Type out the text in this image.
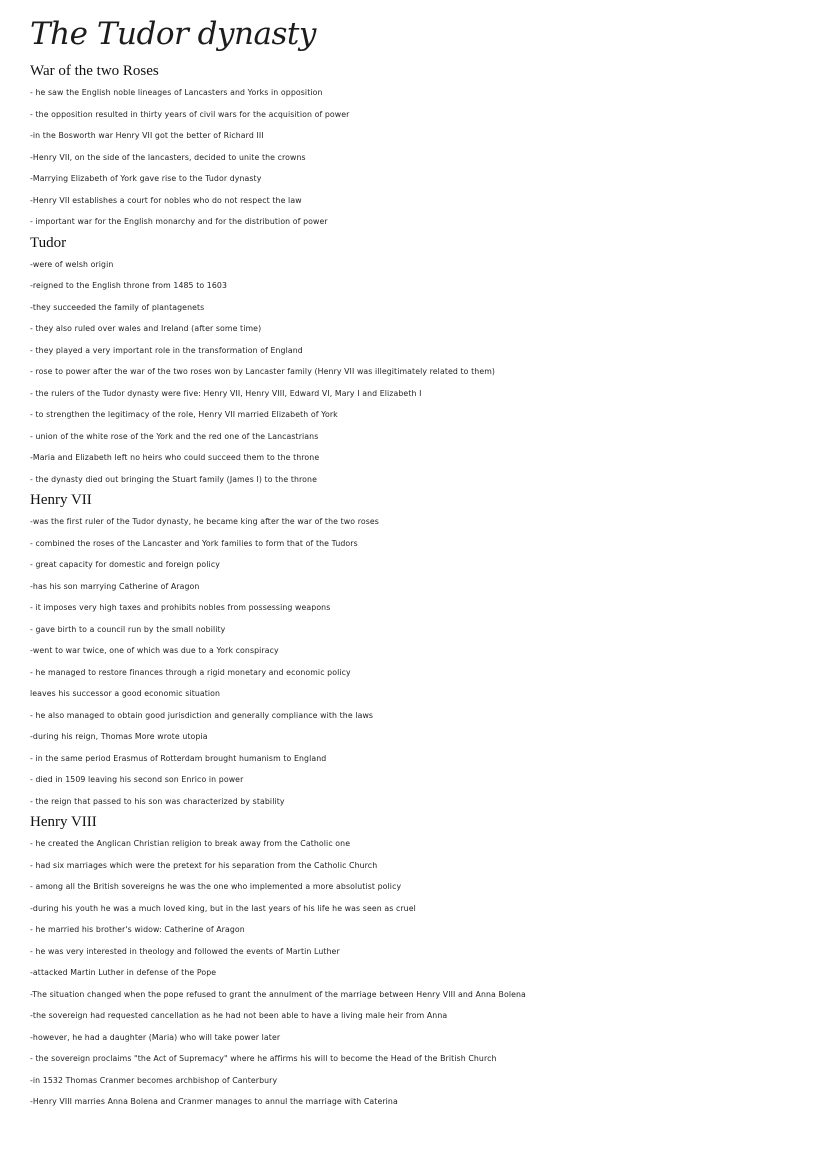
The Tudor dynasty
War of the two Roses
- he saw the English noble lineages of Lancasters and Yorks in opposition
- the opposition resulted in thirty years of civil wars for the acquisition of power
-in the Bosworth war Henry VII got the better of Richard III
-Henry VII, on the side of the lancasters, decided to unite the crowns
-Marrying Elizabeth of York gave rise to the Tudor dynasty
-Henry VII establishes a court for nobles who do not respect the law
- important war for the English monarchy and for the distribution of power
Tudor
-were of welsh origin
-reigned to the English throne from 1485 to 1603
-they succeeded the family of plantagenets
- they also ruled over wales and Ireland (after some time)
- they played a very important role in the transformation of England
- rose to power after the war of the two roses won by Lancaster family (Henry VII was illegitimately related to them)
- the rulers of the Tudor dynasty were five: Henry VII, Henry VIII, Edward VI, Mary I and Elizabeth I
- to strengthen the legitimacy of the role, Henry VII married Elizabeth of York
- union of the white rose of the York and the red one of the Lancastrians
-Maria and Elizabeth left no heirs who could succeed them to the throne
- the dynasty died out bringing the Stuart family (James I) to the throne
Henry VII
-was the first ruler of the Tudor dynasty, he became king after the war of the two roses
- combined the roses of the Lancaster and York families to form that of the Tudors
- great capacity for domestic and foreign policy
-has his son marrying Catherine of Aragon
- it imposes very high taxes and prohibits nobles from possessing weapons
- gave birth to a council run by the small nobility
-went to war twice, one of which was due to a York conspiracy
- he managed to restore finances through a rigid monetary and economic policy
leaves his successor a good economic situation
- he also managed to obtain good jurisdiction and generally compliance with the laws
-during his reign, Thomas More wrote utopia
- in the same period Erasmus of Rotterdam brought humanism to England
- died in 1509 leaving his second son Enrico in power
- the reign that passed to his son was characterized by stability
Henry VIII
- he created the Anglican Christian religion to break away from the Catholic one
- had six marriages which were the pretext for his separation from the Catholic Church
- among all the British sovereigns he was the one who implemented a more absolutist policy
-during his youth he was a much loved king, but in the last years of his life he was seen as cruel
- he married his brother's widow: Catherine of Aragon
- he was very interested in theology and followed the events of Martin Luther
-attacked Martin Luther in defense of the Pope
-The situation changed when the pope refused to grant the annulment of the marriage between Henry VIII and Anna Bolena
-the sovereign had requested cancellation as he had not been able to have a living male heir from Anna
-however, he had a daughter (Maria) who will take power later
- the sovereign proclaims "the Act of Supremacy" where he affirms his will to become the Head of the British Church
-in 1532 Thomas Cranmer becomes archbishop of Canterbury
-Henry VIII marries Anna Bolena and Cranmer manages to annul the marriage with Caterina
